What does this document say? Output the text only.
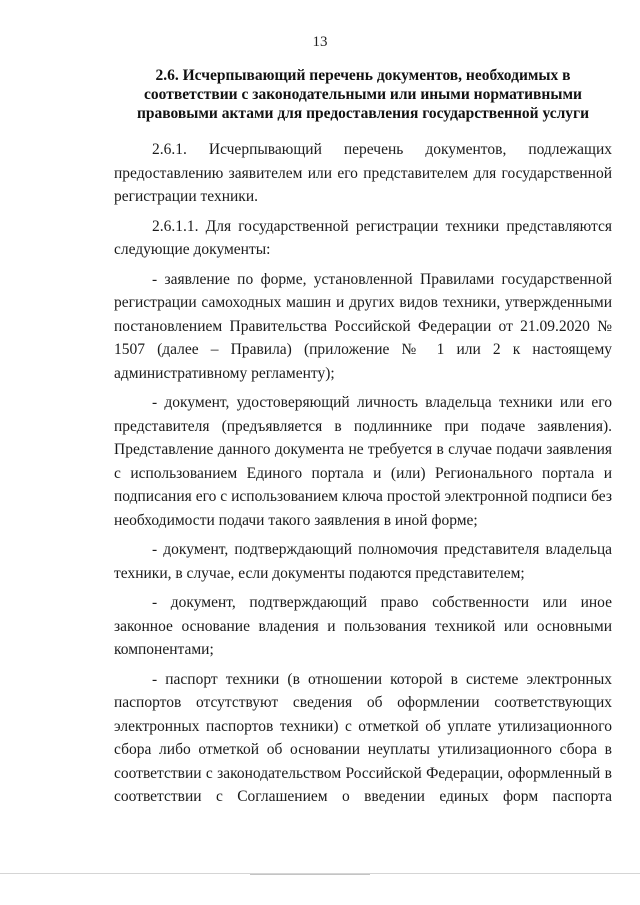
13
2.6. Исчерпывающий перечень документов, необходимых в соответствии с законодательными или иными нормативными правовыми актами для предоставления государственной услуги

2.6.1. Исчерпывающий перечень документов, подлежащих предоставлению заявителем или его представителем для государственной регистрации техники.

2.6.1.1. Для государственной регистрации техники представляются следующие документы:

- заявление по форме, установленной Правилами государственной регистрации самоходных машин и других видов техники, утвержденными постановлением Правительства Российской Федерации от 21.09.2020 № 1507 (далее – Правила) (приложение № 1 или 2 к настоящему административному регламенту);

- документ, удостоверяющий личность владельца техники или его представителя (предъявляется в подлиннике при подаче заявления). Представление данного документа не требуется в случае подачи заявления с использованием Единого портала и (или) Регионального портала и подписания его с использованием ключа простой электронной подписи без необходимости подачи такого заявления в иной форме;

- документ, подтверждающий полномочия представителя владельца техники, в случае, если документы подаются представителем;

- документ, подтверждающий право собственности или иное законное основание владения и пользования техникой или основными компонентами;

- паспорт техники (в отношении которой в системе электронных паспортов отсутствуют сведения об оформлении соответствующих электронных паспортов техники) с отметкой об уплате утилизационного сбора либо отметкой об основании неуплаты утилизационного сбора в соответствии с законодательством Российской Федерации, оформленный в соответствии с Соглашением о введении единых форм паспорта
